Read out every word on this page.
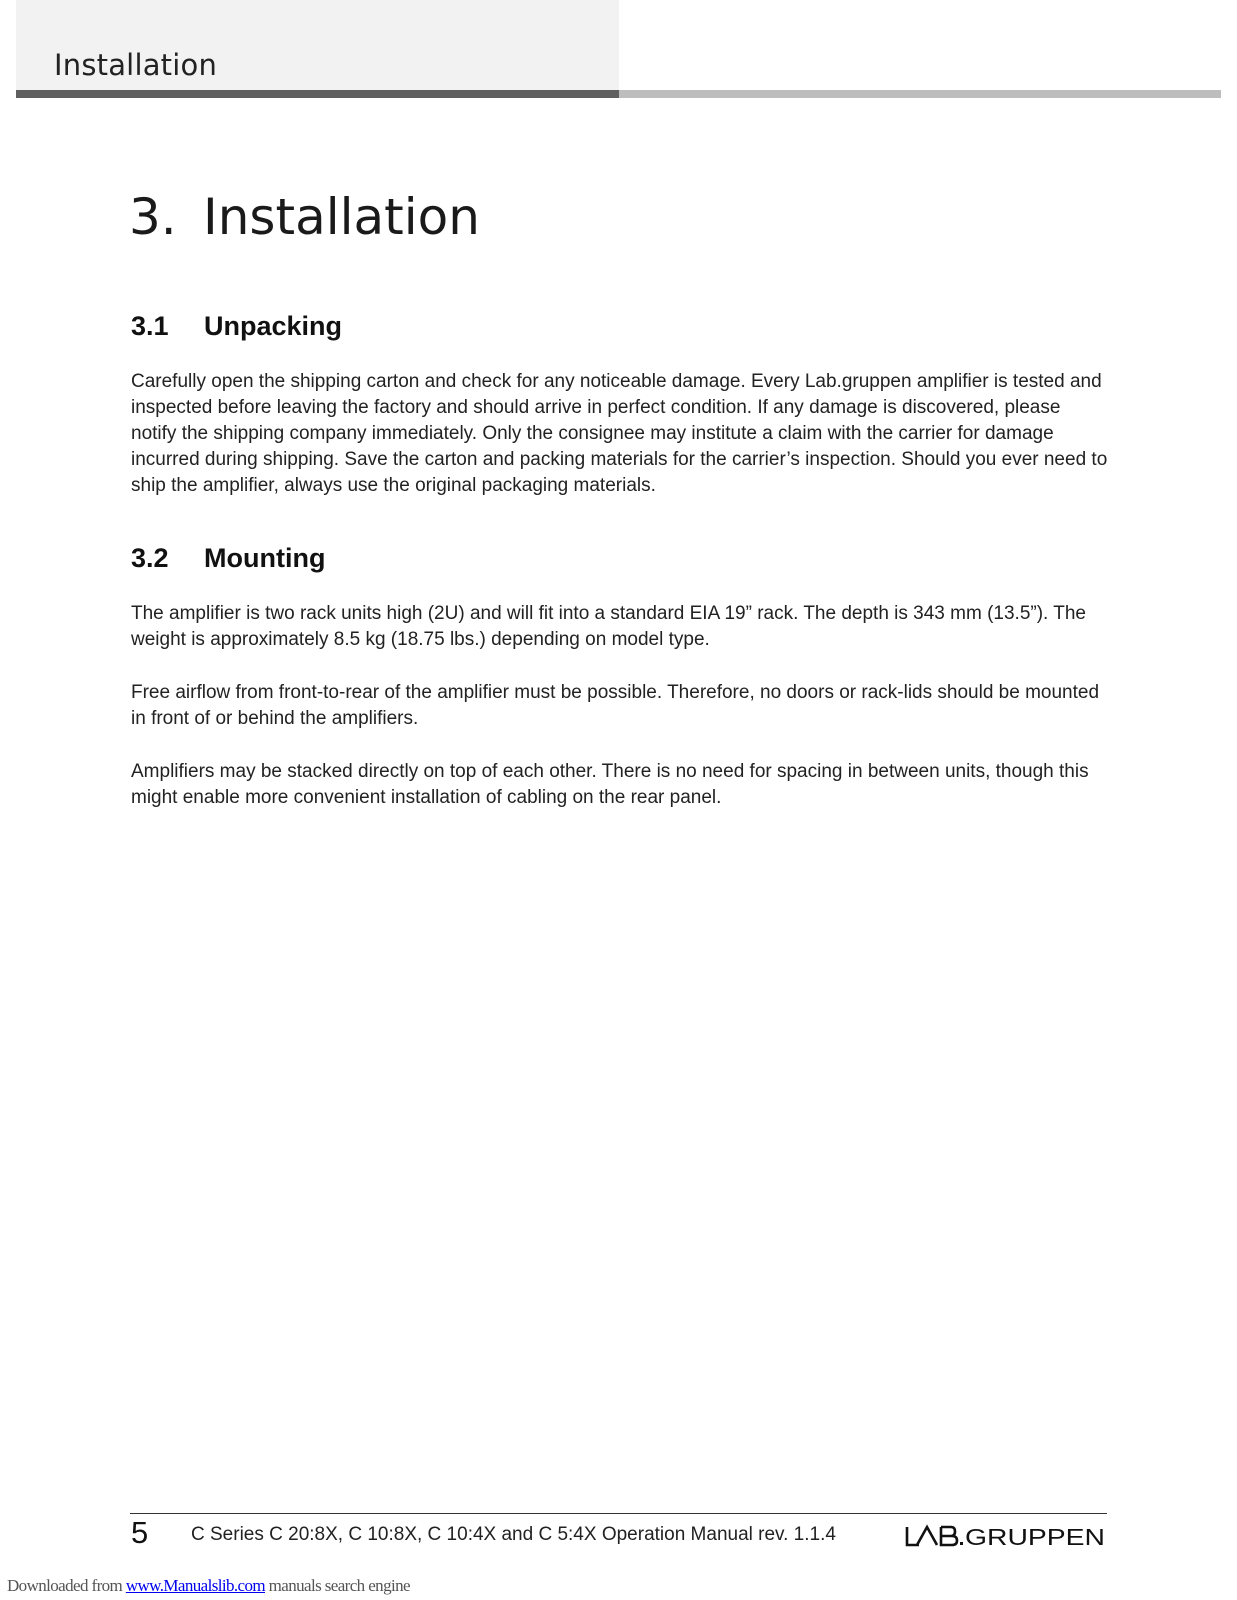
Installation
3. Installation
3.1 Unpacking

Carefully open the shipping carton and check for any noticeable damage. Every Lab.gruppen amplifier is tested and inspected before leaving the factory and should arrive in perfect condition. If any damage is discovered, please notify the shipping company immediately. Only the consignee may institute a claim with the carrier for damage incurred during shipping. Save the carton and packing materials for the carrier’s inspection. Should you ever need to ship the amplifier, always use the original packaging materials.

3.2 Mounting

The amplifier is two rack units high (2U) and will fit into a standard EIA 19” rack. The depth is 343 mm (13.5”). The weight is approximately 8.5 kg (18.75 lbs.) depending on model type.

Free airflow from front-to-rear of the amplifier must be possible. Therefore, no doors or rack-lids should be mounted in front of or behind the amplifiers.

Amplifiers may be stacked directly on top of each other. There is no need for spacing in between units, though this might enable more convenient installation of cabling on the rear panel.

5 C Series C 20:8X, C 10:8X, C 10:4X and C 5:4X Operation Manual rev. 1.1.4	GRUPPEN
Downloaded from www.Manualslib.com manuals search engine
